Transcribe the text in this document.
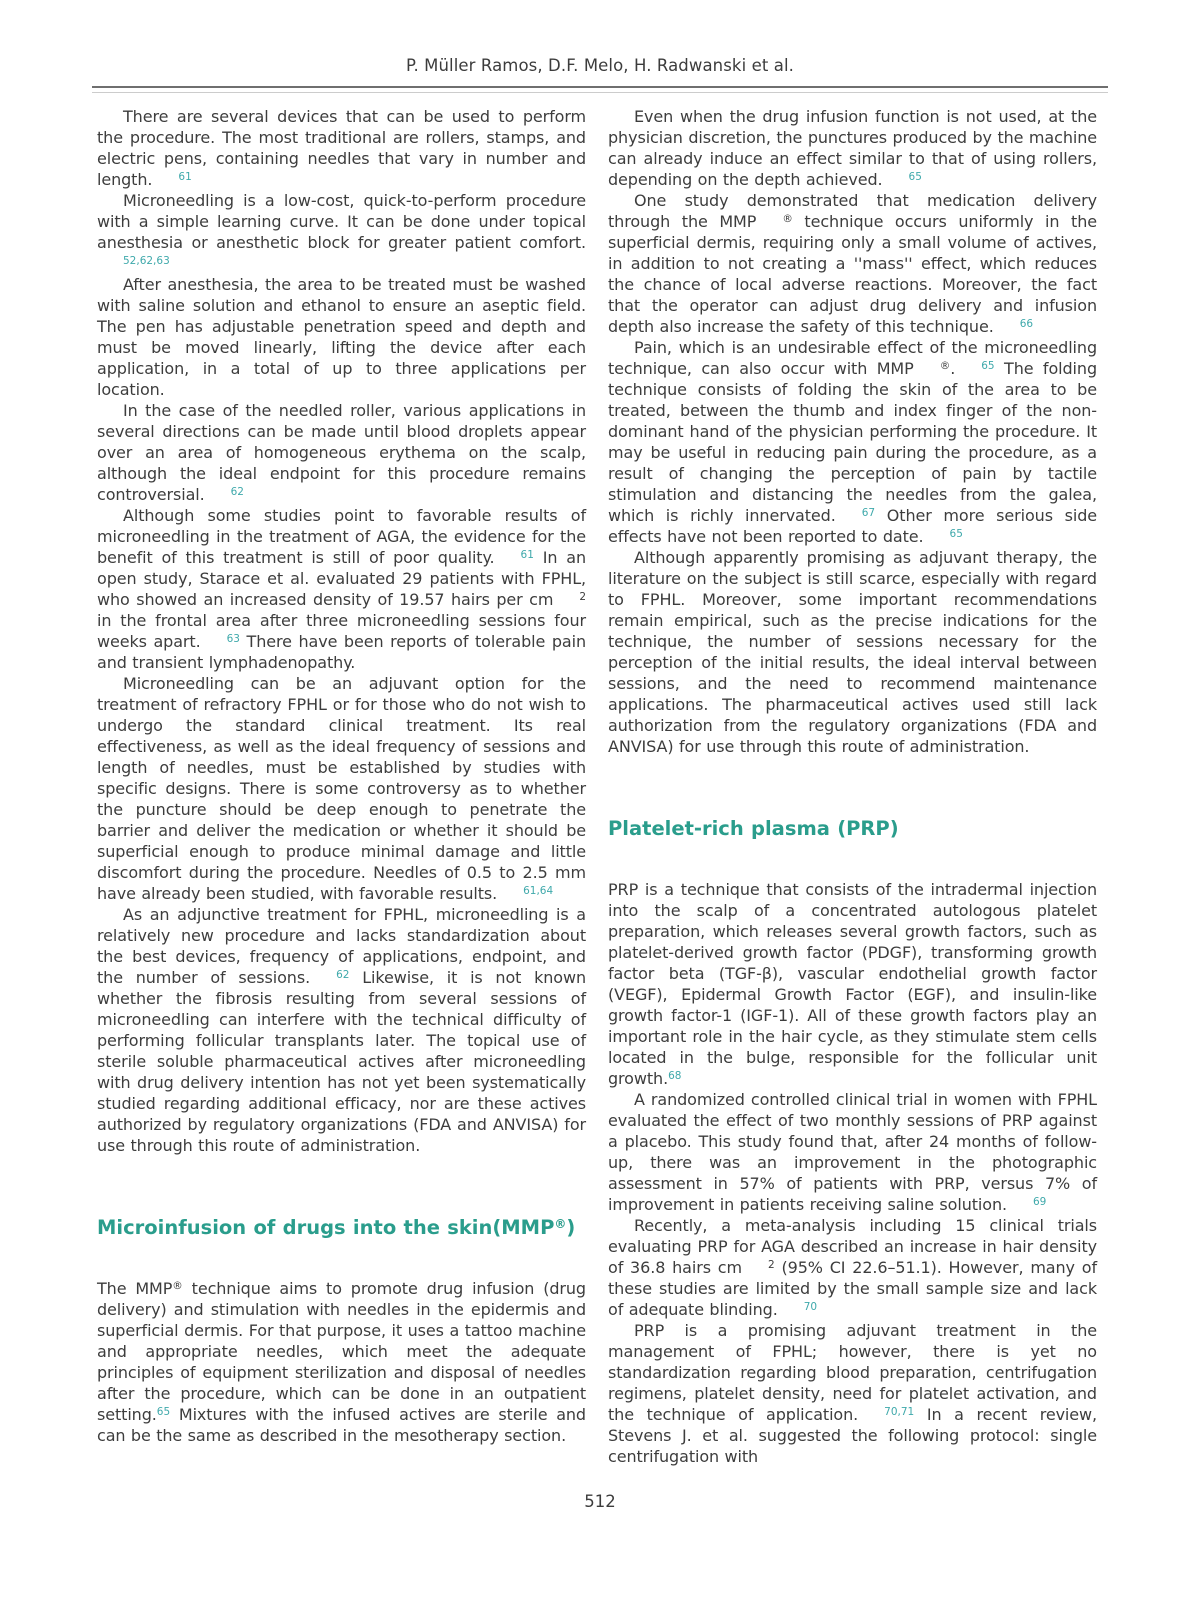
P. Müller Ramos, D.F. Melo, H. Radwanski et al.

There are several devices that can be used to perform the procedure. The most traditional are rollers, stamps, and electric pens, containing needles that vary in number and length. 61

Microneedling is a low-cost, quick-to-perform procedure with a simple learning curve. It can be done under topical anesthesia or anesthetic block for greater patient comfort.52,62,63

After anesthesia, the area to be treated must be washed with saline solution and ethanol to ensure an aseptic field. The pen has adjustable penetration speed and depth and must be moved linearly, lifting the device after each application, in a total of up to three applications per location.

In the case of the needled roller, various applications in several directions can be made until blood droplets appear over an area of homogeneous erythema on the scalp, although the ideal endpoint for this procedure remains controversial. 62

Although some studies point to favorable results of microneedling in the treatment of AGA, the evidence for the benefit of this treatment is still of poor quality. 61 In an open study, Starace et al. evaluated 29 patients with FPHL, who showed an increased density of 19.57 hairs per cm 2 in the frontal area after three microneedling sessions four weeks apart. 63 There have been reports of tolerable pain and transient lymphadenopathy.

Microneedling can be an adjuvant option for the treatment of refractory FPHL or for those who do not wish to undergo the standard clinical treatment. Its real effectiveness, as well as the ideal frequency of sessions and length of needles, must be established by studies with specific designs. There is some controversy as to whether the puncture should be deep enough to penetrate the barrier and deliver the medication or whether it should be superficial enough to produce minimal damage and little discomfort during the procedure. Needles of 0.5 to 2.5 mm have already been studied, with favorable results. 61,64

As an adjunctive treatment for FPHL, microneedling is a relatively new procedure and lacks standardization about the best devices, frequency of applications, endpoint, and the number of sessions. 62 Likewise, it is not known whether the fibrosis resulting from several sessions of microneedling can interfere with the technical difficulty of performing follicular transplants later. The topical use of sterile soluble pharmaceutical actives after microneedling with drug delivery intention has not yet been systematically studied regarding additional efficacy, nor are these actives authorized by regulatory organizations (FDA and ANVISA) for use through this route of administration.

Microinfusion of drugs into the skin(MMP®)

The MMP® technique aims to promote drug infusion (drug delivery) and stimulation with needles in the epidermis and superficial dermis. For that purpose, it uses a tattoo machine and appropriate needles, which meet the adequate principles of equipment sterilization and disposal of needles after the procedure, which can be done in an outpatient setting.65 Mixtures with the infused actives are sterile and can be the same as described in the mesotherapy section.

Even when the drug infusion function is not used, at the physician discretion, the punctures produced by the machine can already induce an effect similar to that of using rollers, depending on the depth achieved. 65

One study demonstrated that medication delivery through the MMP ® technique occurs uniformly in the superficial dermis, requiring only a small volume of actives, in addition to not creating a ''mass'' effect, which reduces the chance of local adverse reactions. Moreover, the fact that the operator can adjust drug delivery and infusion depth also increase the safety of this technique. 66

Pain, which is an undesirable effect of the microneedling technique, can also occur with MMP ®. 65 The folding technique consists of folding the skin of the area to be treated, between the thumb and index finger of the non-dominant hand of the physician performing the procedure. It may be useful in reducing pain during the procedure, as a result of changing the perception of pain by tactile stimulation and distancing the needles from the galea, which is richly innervated. 67 Other more serious side effects have not been reported to date. 65

Although apparently promising as adjuvant therapy, the literature on the subject is still scarce, especially with regard to FPHL. Moreover, some important recommendations remain empirical, such as the precise indications for the technique, the number of sessions necessary for the perception of the initial results, the ideal interval between sessions, and the need to recommend maintenance applications. The pharmaceutical actives used still lack authorization from the regulatory organizations (FDA and ANVISA) for use through this route of administration.

Platelet-rich plasma (PRP)

PRP is a technique that consists of the intradermal injection into the scalp of a concentrated autologous platelet preparation, which releases several growth factors, such as platelet-derived growth factor (PDGF), transforming growth factor beta (TGF-β), vascular endothelial growth factor (VEGF), Epidermal Growth Factor (EGF), and insulin-like growth factor-1 (IGF-1). All of these growth factors play an important role in the hair cycle, as they stimulate stem cells located in the bulge, responsible for the follicular unit growth.68

A randomized controlled clinical trial in women with FPHL evaluated the effect of two monthly sessions of PRP against a placebo. This study found that, after 24 months of follow-up, there was an improvement in the photographic assessment in 57% of patients with PRP, versus 7% of improvement in patients receiving saline solution. 69

Recently, a meta-analysis including 15 clinical trials evaluating PRP for AGA described an increase in hair density of 36.8 hairs cm 2 (95% CI 22.6–51.1). However, many of these studies are limited by the small sample size and lack of adequate blinding. 70

PRP is a promising adjuvant treatment in the management of FPHL; however, there is yet no standardization regarding blood preparation, centrifugation regimens, platelet density, need for platelet activation, and the technique of application. 70,71 In a recent review, Stevens J. et al. suggested the following protocol: single centrifugation with

512
